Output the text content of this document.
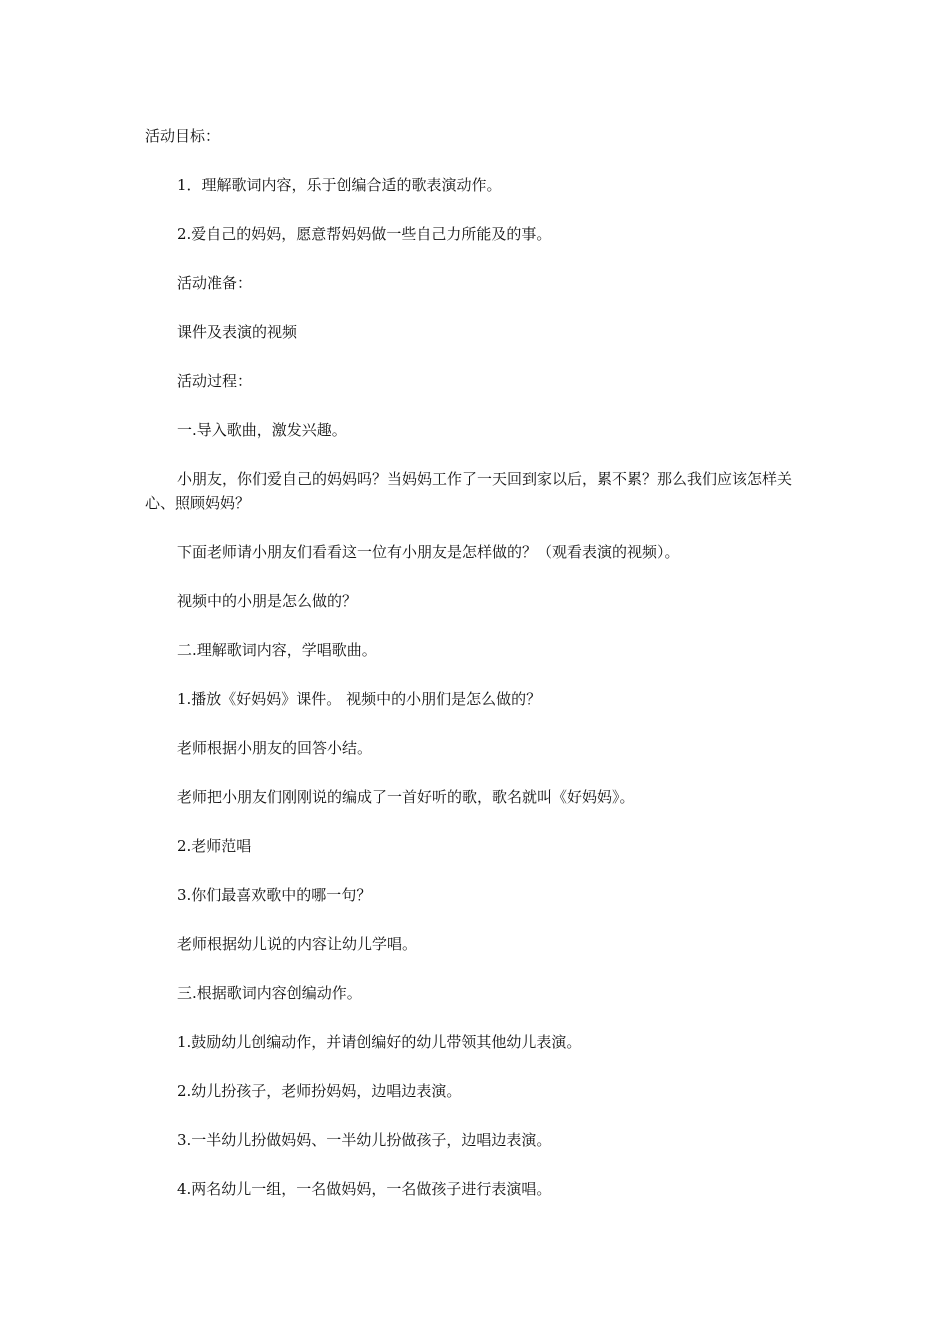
活动目标：

1．理解歌词内容，乐于创编合适的歌表演动作。

2.爱自己的妈妈，愿意帮妈妈做一些自己力所能及的事。

活动准备：

课件及表演的视频

活动过程：

一.导入歌曲，激发兴趣。

小朋友，你们爱自己的妈妈吗？当妈妈工作了一天回到家以后，累不累？那么我们应该怎样关心、照顾妈妈？

下面老师请小朋友们看看这一位有小朋友是怎样做的？（观看表演的视频）。

视频中的小朋是怎么做的？

二.理解歌词内容，学唱歌曲。

1.播放《好妈妈》课件。 视频中的小朋们是怎么做的？

老师根据小朋友的回答小结。

老师把小朋友们刚刚说的编成了一首好听的歌，歌名就叫《好妈妈》。

2.老师范唱

3.你们最喜欢歌中的哪一句？

老师根据幼儿说的内容让幼儿学唱。

三.根据歌词内容创编动作。

1.鼓励幼儿创编动作，并请创编好的幼儿带领其他幼儿表演。

2.幼儿扮孩子，老师扮妈妈，边唱边表演。

3.一半幼儿扮做妈妈、一半幼儿扮做孩子，边唱边表演。

4.两名幼儿一组，一名做妈妈，一名做孩子进行表演唱。
